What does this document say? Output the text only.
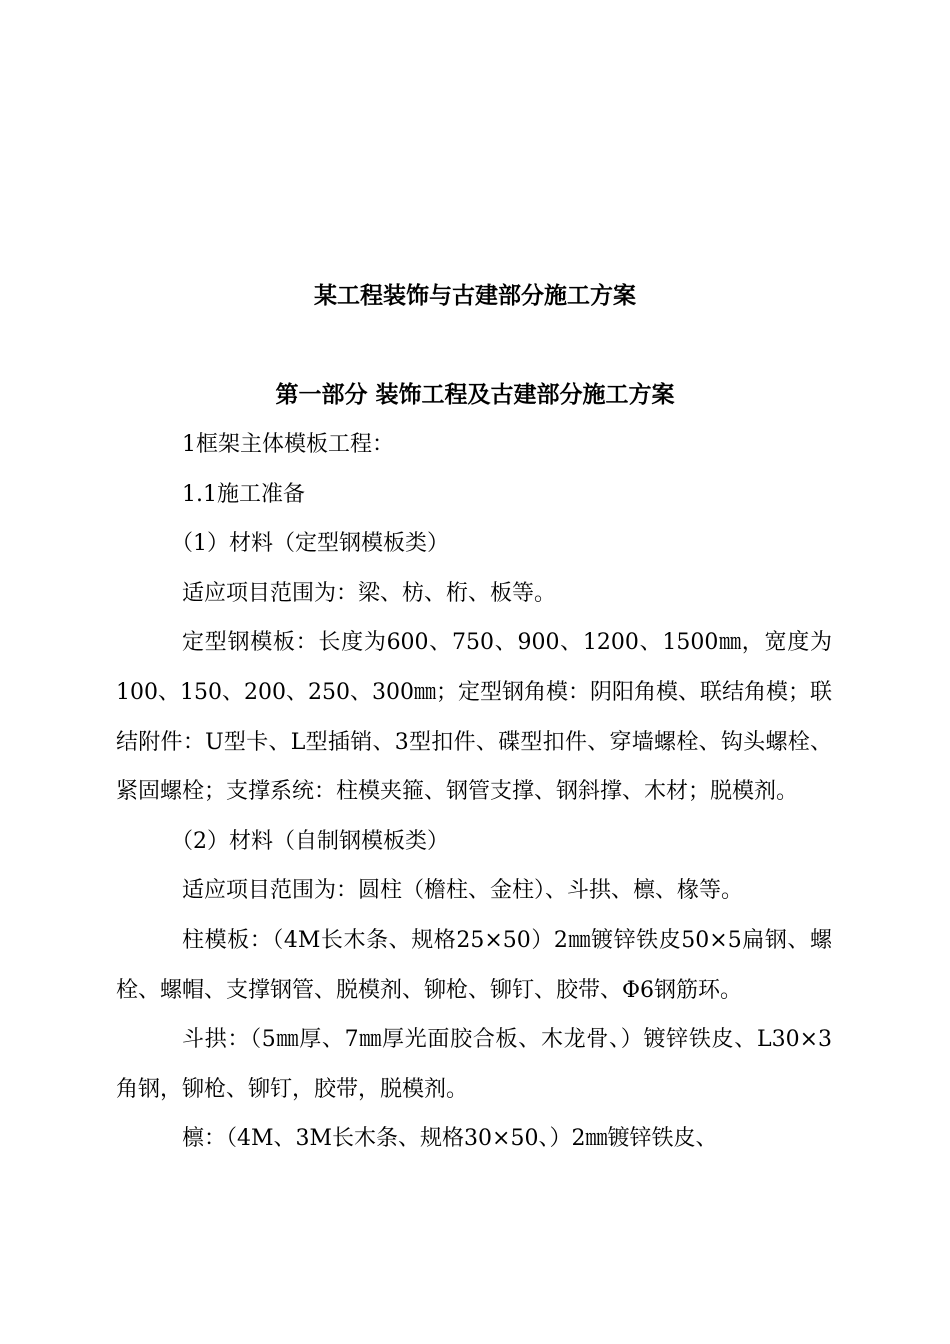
某工程装饰与古建部分施工方案
第一部分 装饰工程及古建部分施工方案

1框架主体模板工程：

1.1施工准备

（1）材料（定型钢模板类）

适应项目范围为：梁、枋、桁、板等。

定型钢模板：长度为600、750、900、1200、1500㎜，宽度为100、150、200、250、300㎜；定型钢角模：阴阳角模、联结角模；联结附件：U型卡、L型插销、3型扣件、碟型扣件、穿墙螺栓、钩头螺栓、紧固螺栓；支撑系统：柱模夹箍、钢管支撑、钢斜撑、木材；脱模剂。

（2）材料（自制钢模板类）

适应项目范围为：圆柱（檐柱、金柱）、斗拱、檩、椽等。

柱模板：（4M长木条、规格25×50）2㎜镀锌铁皮50×5扁钢、螺栓、螺帽、支撑钢管、脱模剂、铆枪、铆钉、胶带、Φ6钢筋环。

斗拱：（5㎜厚、7㎜厚光面胶合板、木龙骨、）镀锌铁皮、L30×3角钢，铆枪、铆钉，胶带，脱模剂。

檩：（4M、3M长木条、规格30×50、）2㎜镀锌铁皮、
